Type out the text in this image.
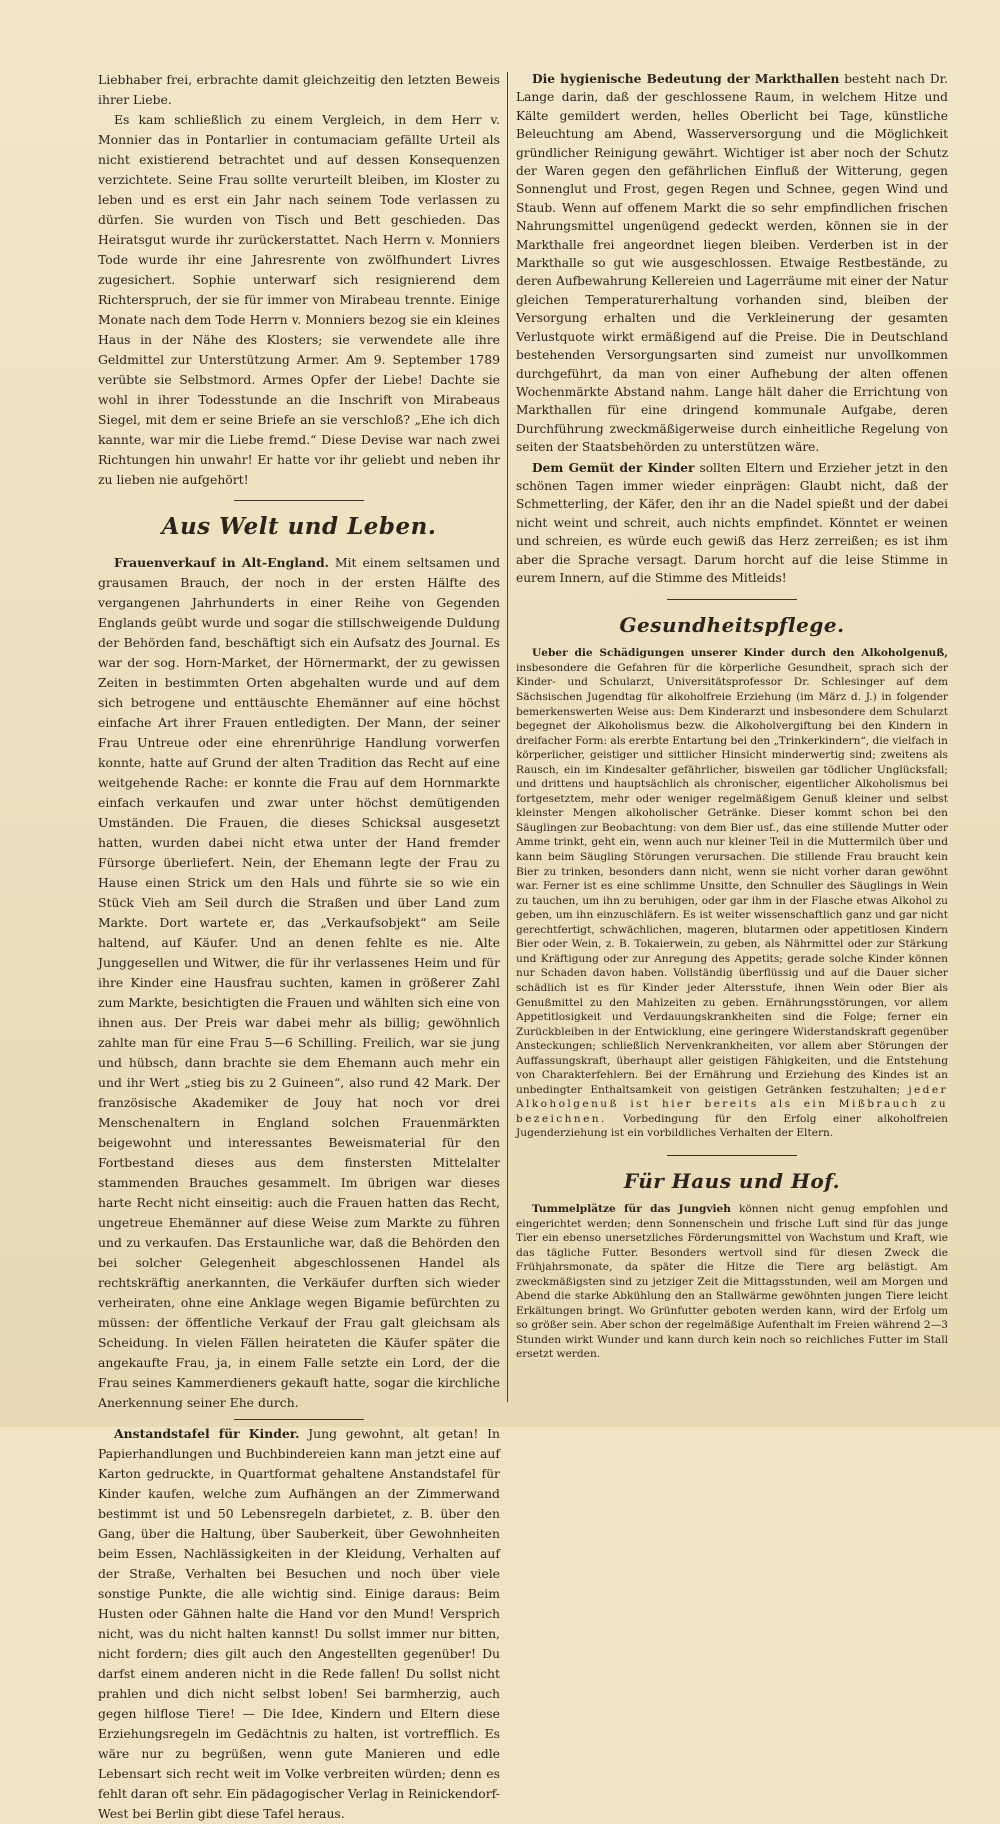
Liebhaber frei, erbrachte damit gleichzeitig den letzten Beweis ihrer Liebe.

Es kam schließlich zu einem Vergleich, in dem Herr v. Monnier das in Pontarlier in contumaciam gefällte Urteil als nicht existierend betrachtet und auf dessen Konsequenzen verzichtete. Seine Frau sollte verurteilt bleiben, im Kloster zu leben und es erst ein Jahr nach seinem Tode verlassen zu dürfen. Sie wurden von Tisch und Bett geschieden. Das Heiratsgut wurde ihr zurückerstattet. Nach Herrn v. Monniers Tode wurde ihr eine Jahresrente von zwölfhundert Livres zugesichert. Sophie unterwarf sich resignierend dem Richterspruch, der sie für immer von Mirabeau trennte. Einige Monate nach dem Tode Herrn v. Monniers bezog sie ein kleines Haus in der Nähe des Klosters; sie verwendete alle ihre Geldmittel zur Unterstützung Armer. Am 9. September 1789 verübte sie Selbstmord. Armes Opfer der Liebe! Dachte sie wohl in ihrer Todesstunde an die Inschrift von Mirabeaus Siegel, mit dem er seine Briefe an sie verschloß? „Ehe ich dich kannte, war mir die Liebe fremd.“ Diese Devise war nach zwei Richtungen hin unwahr! Er hatte vor ihr geliebt und neben ihr zu lieben nie aufgehört!

Aus Welt und Leben.

Frauenverkauf in Alt-England. Mit einem seltsamen und grausamen Brauch, der noch in der ersten Hälfte des vergangenen Jahrhunderts in einer Reihe von Gegenden Englands geübt wurde und sogar die stillschweigende Duldung der Behörden fand, beschäftigt sich ein Aufsatz des Journal. Es war der sog. Horn-Market, der Hörnermarkt, der zu gewissen Zeiten in bestimmten Orten abgehalten wurde und auf dem sich betrogene und enttäuschte Ehemänner auf eine höchst einfache Art ihrer Frauen entledigten. Der Mann, der seiner Frau Untreue oder eine ehrenrührige Handlung vorwerfen konnte, hatte auf Grund der alten Tradition das Recht auf eine weitgehende Rache: er konnte die Frau auf dem Hornmarkte einfach verkaufen und zwar unter höchst demütigenden Umständen. Die Frauen, die dieses Schicksal ausgesetzt hatten, wurden dabei nicht etwa unter der Hand fremder Fürsorge überliefert. Nein, der Ehemann legte der Frau zu Hause einen Strick um den Hals und führte sie so wie ein Stück Vieh am Seil durch die Straßen und über Land zum Markte. Dort wartete er, das „Verkaufsobjekt“ am Seile haltend, auf Käufer. Und an denen fehlte es nie. Alte Junggesellen und Witwer, die für ihr verlassenes Heim und für ihre Kinder eine Hausfrau suchten, kamen in größerer Zahl zum Markte, besichtigten die Frauen und wählten sich eine von ihnen aus. Der Preis war dabei mehr als billig; gewöhnlich zahlte man für eine Frau 5—6 Schilling. Freilich, war sie jung und hübsch, dann brachte sie dem Ehemann auch mehr ein und ihr Wert „stieg bis zu 2 Guineen“, also rund 42 Mark. Der französische Akademiker de Jouy hat noch vor drei Menschenaltern in England solchen Frauenmärkten beigewohnt und interessantes Beweismaterial für den Fortbestand dieses aus dem finstersten Mittelalter stammenden Brauches gesammelt. Im übrigen war dieses harte Recht nicht einseitig: auch die Frauen hatten das Recht, ungetreue Ehemänner auf diese Weise zum Markte zu führen und zu verkaufen. Das Erstaunliche war, daß die Behörden den bei solcher Gelegenheit abgeschlossenen Handel als rechtskräftig anerkannten, die Verkäufer durften sich wieder verheiraten, ohne eine Anklage wegen Bigamie befürchten zu müssen: der öffentliche Verkauf der Frau galt gleichsam als Scheidung. In vielen Fällen heirateten die Käufer später die angekaufte Frau, ja, in einem Falle setzte ein Lord, der die Frau seines Kammerdieners gekauft hatte, sogar die kirchliche Anerkennung seiner Ehe durch.

Anstandstafel für Kinder. Jung gewohnt, alt getan! In Papierhandlungen und Buchbindereien kann man jetzt eine auf Karton gedruckte, in Quartformat gehaltene Anstandstafel für Kinder kaufen, welche zum Aufhängen an der Zimmerwand bestimmt ist und 50 Lebensregeln darbietet, z. B. über den Gang, über die Haltung, über Sauberkeit, über Gewohnheiten beim Essen, Nachlässigkeiten in der Kleidung, Verhalten auf der Straße, Verhalten bei Besuchen und noch über viele sonstige Punkte, die alle wichtig sind. Einige daraus: Beim Husten oder Gähnen halte die Hand vor den Mund! Versprich nicht, was du nicht halten kannst! Du sollst immer nur bitten, nicht fordern; dies gilt auch den Angestellten gegenüber! Du darfst einem anderen nicht in die Rede fallen! Du sollst nicht prahlen und dich nicht selbst loben! Sei barmherzig, auch gegen hilflose Tiere! — Die Idee, Kindern und Eltern diese Erziehungsregeln im Gedächtnis zu halten, ist vortrefflich. Es wäre nur zu begrüßen, wenn gute Manieren und edle Lebensart sich recht weit im Volke verbreiten würden; denn es fehlt daran oft sehr. Ein pädagogischer Verlag in Reinickendorf-West bei Berlin gibt diese Tafel heraus.

Die hygienische Bedeutung der Markthallen besteht nach Dr. Lange darin, daß der geschlossene Raum, in welchem Hitze und Kälte gemildert werden, helles Oberlicht bei Tage, künstliche Beleuchtung am Abend, Wasserversorgung und die Möglichkeit gründlicher Reinigung gewährt. Wichtiger ist aber noch der Schutz der Waren gegen den gefährlichen Einfluß der Witterung, gegen Sonnenglut und Frost, gegen Regen und Schnee, gegen Wind und Staub. Wenn auf offenem Markt die so sehr empfindlichen frischen Nahrungsmittel ungenügend gedeckt werden, können sie in der Markthalle frei angeordnet liegen bleiben. Verderben ist in der Markthalle so gut wie ausgeschlossen. Etwaige Restbestände, zu deren Aufbewahrung Kellereien und Lagerräume mit einer der Natur gleichen Temperaturerhaltung vorhanden sind, bleiben der Versorgung erhalten und die Verkleinerung der gesamten Verlustquote wirkt ermäßigend auf die Preise. Die in Deutschland bestehenden Versorgungsarten sind zumeist nur unvollkommen durchgeführt, da man von einer Aufhebung der alten offenen Wochenmärkte Abstand nahm. Lange hält daher die Errichtung von Markthallen für eine dringend kommunale Aufgabe, deren Durchführung zweckmäßigerweise durch einheitliche Regelung von seiten der Staatsbehörden zu unterstützen wäre.

Dem Gemüt der Kinder sollten Eltern und Erzieher jetzt in den schönen Tagen immer wieder einprägen: Glaubt nicht, daß der Schmetterling, der Käfer, den ihr an die Nadel spießt und der dabei nicht weint und schreit, auch nichts empfindet. Könntet er weinen und schreien, es würde euch gewiß das Herz zerreißen; es ist ihm aber die Sprache versagt. Darum horcht auf die leise Stimme in eurem Innern, auf die Stimme des Mitleids!

Gesundheitspflege.

Ueber die Schädigungen unserer Kinder durch den Alkoholgenuß, insbesondere die Gefahren für die körperliche Gesundheit, sprach sich der Kinder- und Schularzt, Universitätsprofessor Dr. Schlesinger auf dem Sächsischen Jugendtag für alkoholfreie Erziehung (im März d. J.) in folgender bemerkenswerten Weise aus: Dem Kinderarzt und insbesondere dem Schularzt begegnet der Alkoholismus bezw. die Alkoholvergiftung bei den Kindern in dreifacher Form: als ererbte Entartung bei den „Trinkerkindern“, die vielfach in körperlicher, geistiger und sittlicher Hinsicht minderwertig sind; zweitens als Rausch, ein im Kindesalter gefährlicher, bisweilen gar tödlicher Unglücksfall; und drittens und hauptsächlich als chronischer, eigentlicher Alkoholismus bei fortgesetztem, mehr oder weniger regelmäßigem Genuß kleiner und selbst kleinster Mengen alkoholischer Getränke. Dieser kommt schon bei den Säuglingen zur Beobachtung: von dem Bier usf., das eine stillende Mutter oder Amme trinkt, geht ein, wenn auch nur kleiner Teil in die Muttermilch über und kann beim Säugling Störungen verursachen. Die stillende Frau braucht kein Bier zu trinken, besonders dann nicht, wenn sie nicht vorher daran gewöhnt war. Ferner ist es eine schlimme Unsitte, den Schnuller des Säuglings in Wein zu tauchen, um ihn zu beruhigen, oder gar ihm in der Flasche etwas Alkohol zu geben, um ihn einzuschläfern. Es ist weiter wissenschaftlich ganz und gar nicht gerechtfertigt, schwächlichen, mageren, blutarmen oder appetitlosen Kindern Bier oder Wein, z. B. Tokaierwein, zu geben, als Nährmittel oder zur Stärkung und Kräftigung oder zur Anregung des Appetits; gerade solche Kinder können nur Schaden davon haben. Vollständig überflüssig und auf die Dauer sicher schädlich ist es für Kinder jeder Altersstufe, ihnen Wein oder Bier als Genußmittel zu den Mahlzeiten zu geben. Ernährungsstörungen, vor allem Appetitlosigkeit und Verdauungskrankheiten sind die Folge; ferner ein Zurückbleiben in der Entwicklung, eine geringere Widerstandskraft gegenüber Ansteckungen; schließlich Nervenkrankheiten, vor allem aber Störungen der Auffassungskraft, überhaupt aller geistigen Fähigkeiten, und die Entstehung von Charakterfehlern. Bei der Ernährung und Erziehung des Kindes ist an unbedingter Enthaltsamkeit von geistigen Getränken festzuhalten; jeder Alkoholgenuß ist hier bereits als ein Mißbrauch zu bezeichnen. Vorbedingung für den Erfolg einer alkoholfreien Jugenderziehung ist ein vorbildliches Verhalten der Eltern.

Für Haus und Hof.

Tummelplätze für das Jungvieh können nicht genug empfohlen und eingerichtet werden; denn Sonnenschein und frische Luft sind für das junge Tier ein ebenso unersetzliches Förderungsmittel von Wachstum und Kraft, wie das tägliche Futter. Besonders wertvoll sind für diesen Zweck die Frühjahrsmonate, da später die Hitze die Tiere arg belästigt. Am zweckmäßigsten sind zu jetziger Zeit die Mittagsstunden, weil am Morgen und Abend die starke Abkühlung den an Stallwärme gewöhnten jungen Tiere leicht Erkältungen bringt. Wo Grünfutter geboten werden kann, wird der Erfolg um so größer sein. Aber schon der regelmäßige Aufenthalt im Freien während 2—3 Stunden wirkt Wunder und kann durch kein noch so reichliches Futter im Stall ersetzt werden.
